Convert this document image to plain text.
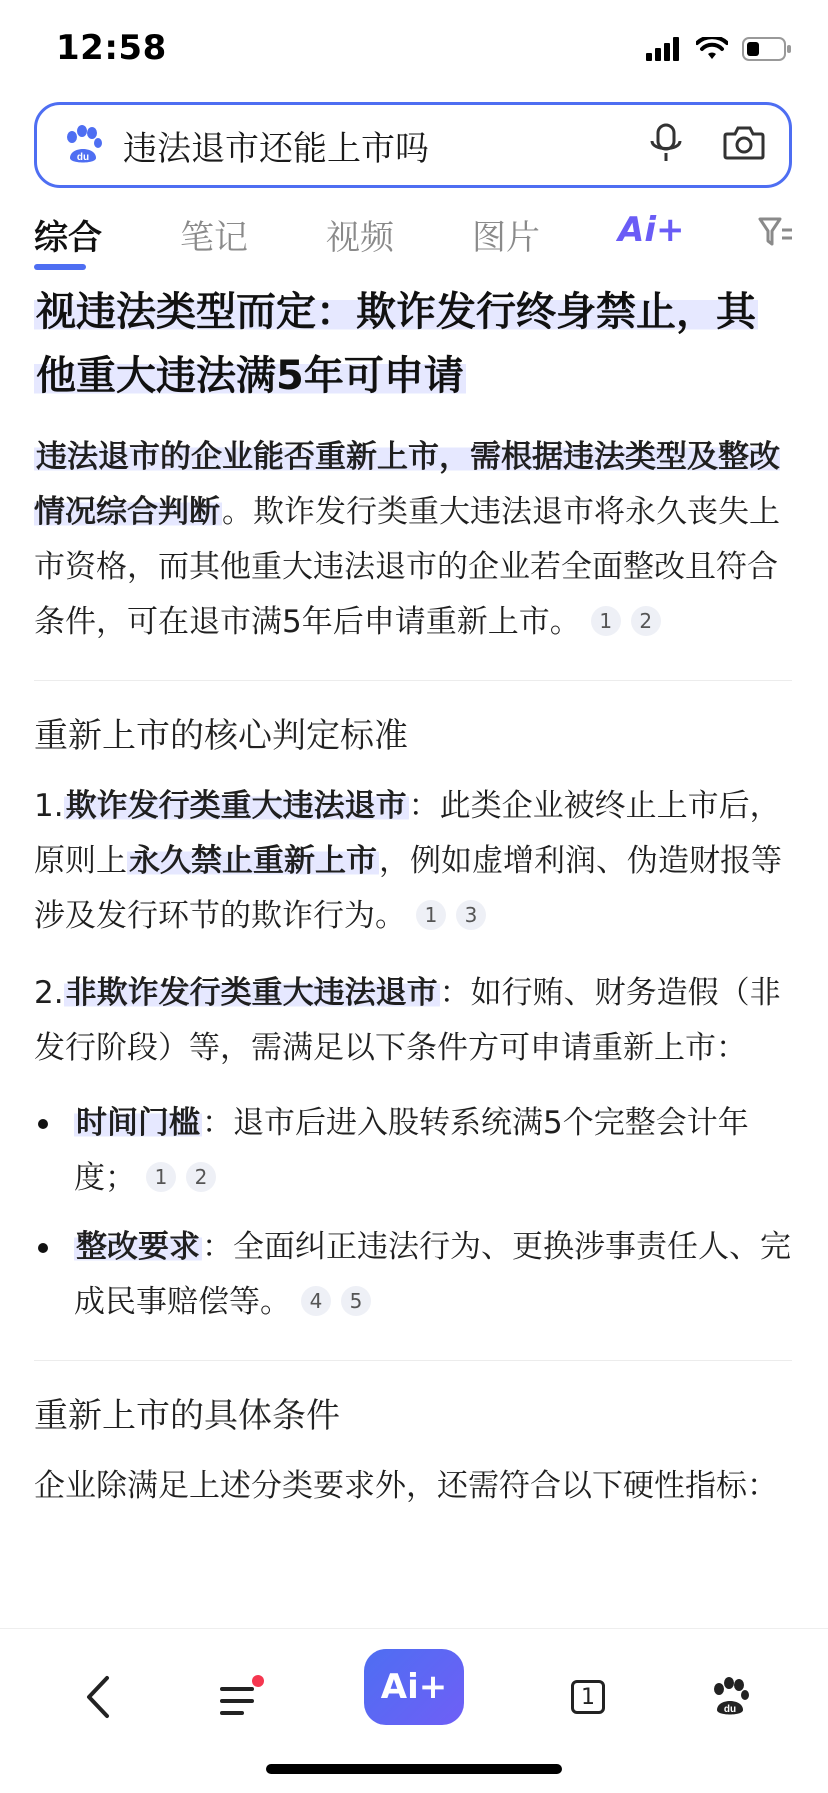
12:58
du 违法退市还能上市吗
综合 笔记 视频 图片 Ai+
视违法类型而定：欺诈发行终身禁止，其
他重大违法满5年可申请

违法退市的企业能否重新上市，需根据违法类型及整改情况综合判断。欺诈发行类重大违法退市将永久丧失上市资格，而其他重大违法退市的企业若全面整改且符合条件，可在退市满5年后申请重新上市。 1 2

重新上市的核心判定标准

1.欺诈发行类重大违法退市：此类企业被终止上市后，原则上永久禁止重新上市，例如虚增利润、伪造财报等涉及发行环节的欺诈行为。 1 3

2.非欺诈发行类重大违法退市：如行贿、财务造假（非发行阶段）等，需满足以下条件方可申请重新上市：

时间门槛：退市后进入股转系统满5个完整会计年度； 1 2
整改要求：全面纠正违法行为、更换涉事责任人、完成民事赔偿等。 4 5
重新上市的具体条件

企业除满足上述分类要求外，还需符合以下硬性指标：

Ai+	1	du
